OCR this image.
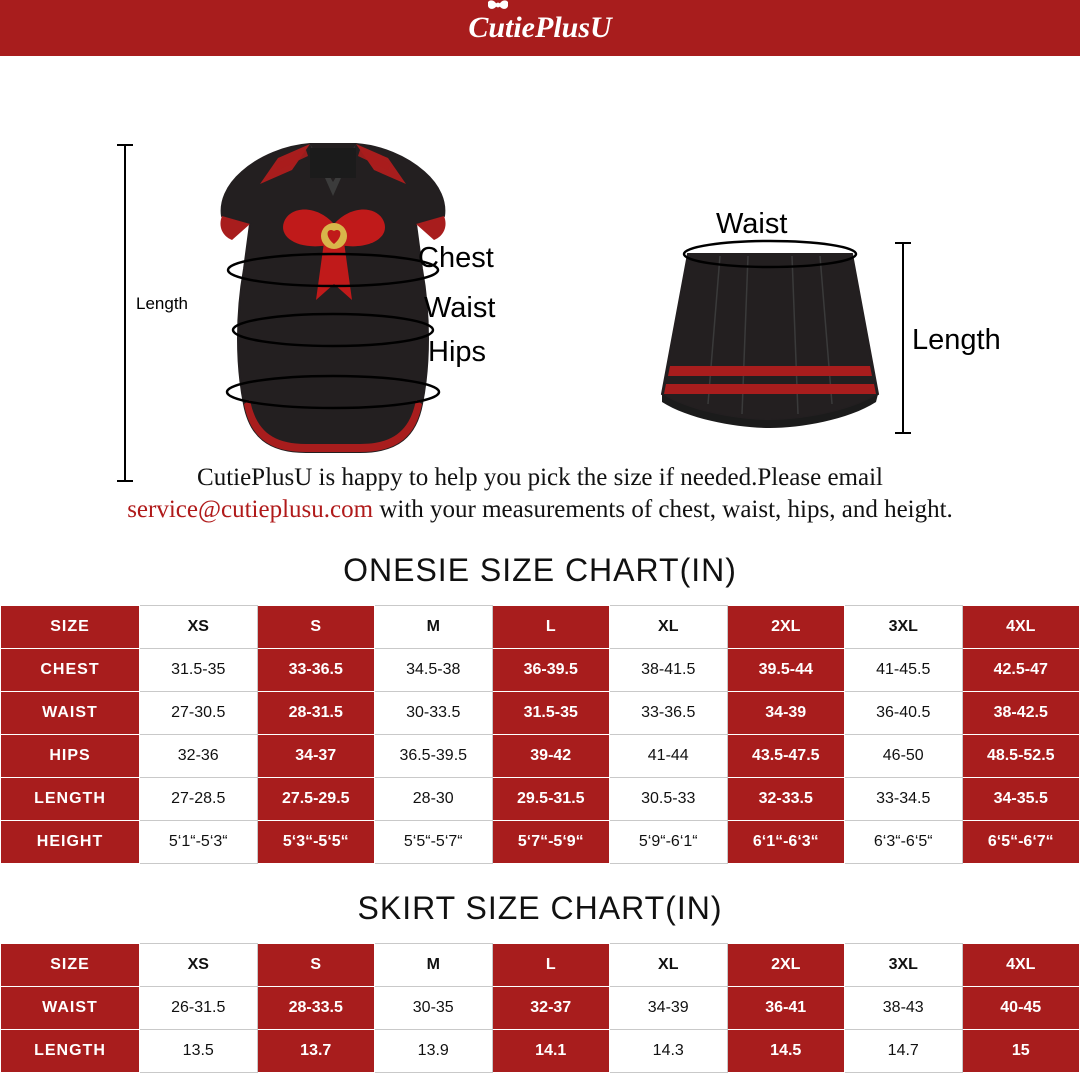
CutiePlusU
Length
Chest
Waist
Hips
Waist
Length
CutiePlusU is happy to help you pick the size if needed.Please email
service@cutieplusu.com with your measurements of chest, waist, hips, and height.
ONESIE SIZE CHART(IN)
SIZE	XS	S	M	L	XL	2XL	3XL	4XL
CHEST	31.5-35	33-36.5	34.5-38	36-39.5	38-41.5	39.5-44	41-45.5	42.5-47
WAIST	27-30.5	28-31.5	30-33.5	31.5-35	33-36.5	34-39	36-40.5	38-42.5
HIPS	32-36	34-37	36.5-39.5	39-42	41-44	43.5-47.5	46-50	48.5-52.5
LENGTH	27-28.5	27.5-29.5	28-30	29.5-31.5	30.5-33	32-33.5	33-34.5	34-35.5
HEIGHT	5‘1“-5‘3“	5‘3“-5‘5“	5‘5“-5‘7“	5‘7“-5‘9“	5‘9“-6‘1“	6‘1“-6‘3“	6‘3“-6‘5“	6‘5“-6‘7“
SKIRT SIZE CHART(IN)
SIZE	XS	S	M	L	XL	2XL	3XL	4XL
WAIST	26-31.5	28-33.5	30-35	32-37	34-39	36-41	38-43	40-45
LENGTH	13.5	13.7	13.9	14.1	14.3	14.5	14.7	15
